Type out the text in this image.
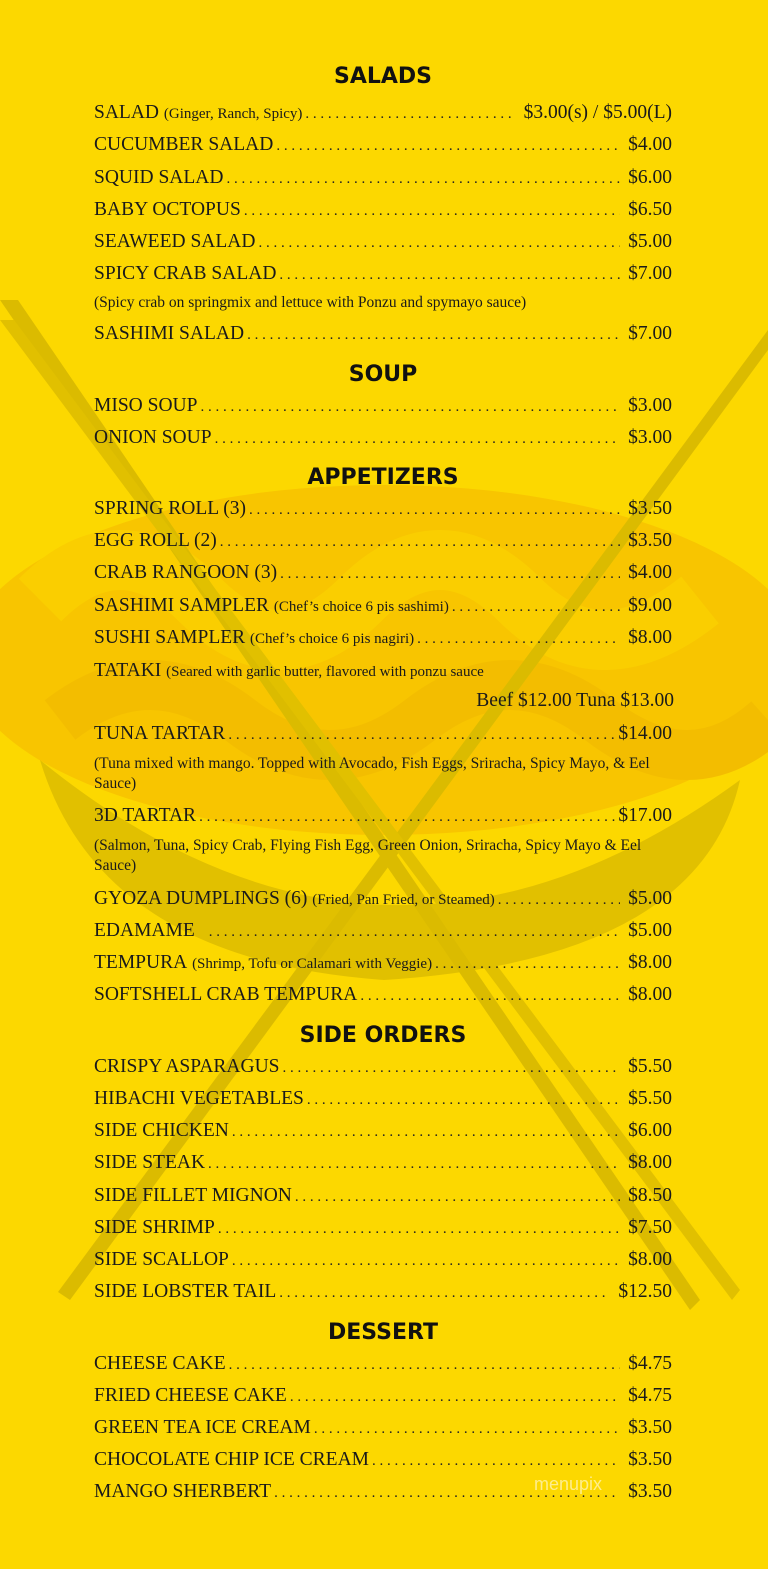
SALADS
SALAD
(Ginger, Ranch, Spicy) . . .	$3.00(s) / $5.00(L)
CUCUMBER SALAD . . .	$4.00
SQUID SALAD . . .	$6.00
BABY OCTOPUS . . .	$6.50
SEAWEED SALAD . . .	$5.00
SPICY CRAB SALAD . . .	$7.00
(Spicy crab on springmix and lettuce with Ponzu and spymayo sauce)
SASHIMI SALAD . . .	$7.00
SOUP
MISO SOUP . . .	$3.00
ONION SOUP . . .	$3.00
APPETIZERS
SPRING ROLL (3) . . .	$3.50
EGG ROLL (2) . . .	$3.50
CRAB RANGOON (3) . . .	$4.00
SASHIMI SAMPLER
(Chef’s choice 6 pis sashimi) . . .	$9.00
SUSHI SAMPLER
(Chef’s choice 6 pis nagiri) . . .	$8.00
TATAKI
(Seared with garlic butter, flavored with ponzu sauce
Beef $12.00 Tuna $13.00
TUNA TARTAR . . .	$14.00
(Tuna mixed with mango. Topped with Avocado, Fish Eggs, Sriracha, Spicy Mayo, & Eel Sauce)
3D TARTAR . . .	$17.00
(Salmon, Tuna, Spicy Crab, Flying Fish Egg, Green Onion, Sriracha, Spicy Mayo & Eel Sauce)
GYOZA DUMPLINGS (6)
(Fried, Pan Fried, or Steamed) . . .	$5.00
EDAMAME . . .	$5.00
TEMPURA
(Shrimp, Tofu or Calamari with Veggie) . . .	$8.00
SOFTSHELL CRAB TEMPURA . . .	$8.00
SIDE ORDERS
CRISPY ASPARAGUS . . .	$5.50
HIBACHI VEGETABLES . . .	$5.50
SIDE CHICKEN . . .	$6.00
SIDE STEAK . . .	$8.00
SIDE FILLET MIGNON . . .	$8.50
SIDE SHRIMP . . .	$7.50
SIDE SCALLOP . . .	$8.00
SIDE LOBSTER TAIL . . .	$12.50
DESSERT
CHEESE CAKE . . .	$4.75
FRIED CHEESE CAKE . . .	$4.75
GREEN TEA ICE CREAM . . .	$3.50
CHOCOLATE CHIP ICE CREAM . . .	$3.50
MANGO SHERBERT . . .	$3.50
menupix
